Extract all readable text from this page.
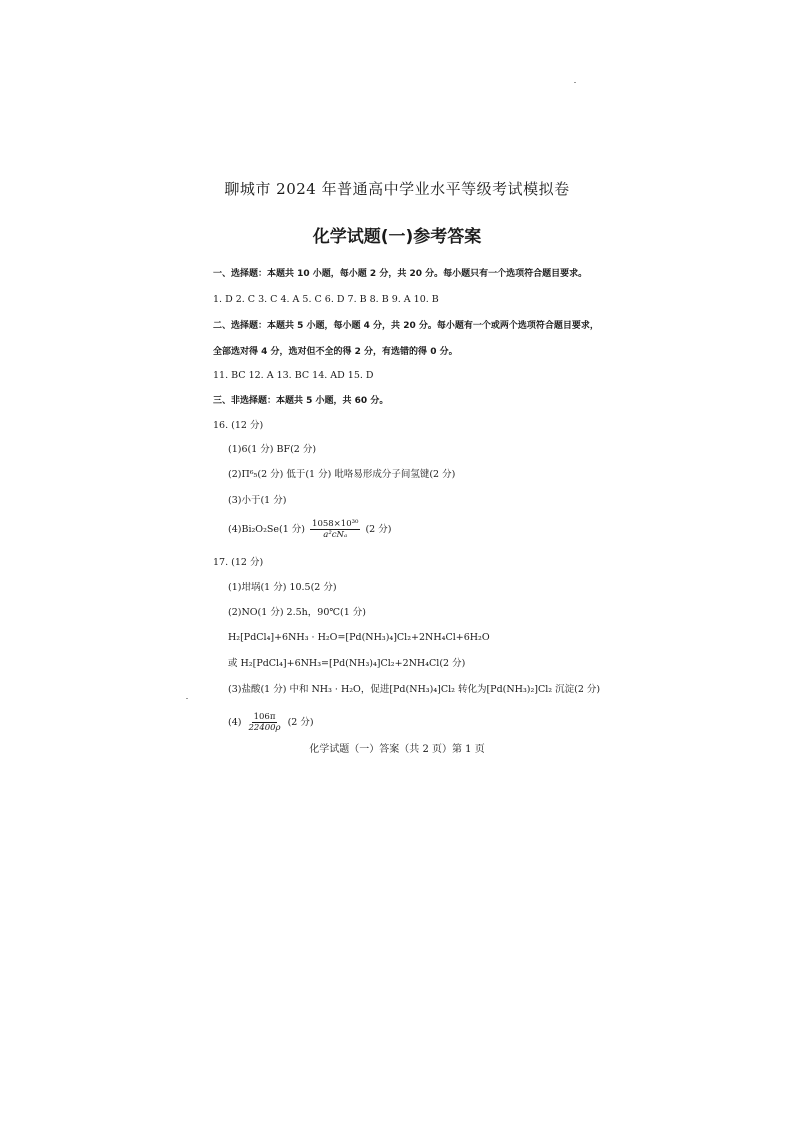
聊城市 2024 年普通高中学业水平等级考试模拟卷
化学试题(一)参考答案
一、选择题：本题共 10 小题，每小题 2 分，共 20 分。每小题只有一个选项符合题目要求。
1. D 2. C 3. C 4. A 5. C 6. D 7. B 8. B 9. A 10. B
二、选择题：本题共 5 小题，每小题 4 分，共 20 分。每小题有一个或两个选项符合题目要求，
全部选对得 4 分，选对但不全的得 2 分，有选错的得 0 分。
11. BC 12. A 13. BC 14. AD 15. D
三、非选择题：本题共 5 小题，共 60 分。
16. (12 分)
(1)6(1 分) BF(2 分)
(2)Π⁶₅(2 分) 低于(1 分) 吡咯易形成分子间氢键(2 分)
(3)小于(1 分)
(4)Bi₂O₂Se(1 分) $\frac{\text{1058×10³⁰}}{\text{a²cNₐ}} (2$ 分)
17. (12 分)
(1)坩埚(1 分) 10.5(2 分)
(2)NO(1 分) 2.5h，90℃(1 分)
H₂[PdCl₄]+6NH₃ · H₂O=[Pd(NH₃)₄]Cl₂+2NH₄Cl+6H₂O
或 H₂[PdCl₄]+6NH₃=[Pd(NH₃)₄]Cl₂+2NH₄Cl(2 分)
(3)盐酸(1 分) 中和 NH₃ · H₂O，促进[Pd(NH₃)₄]Cl₂ 转化为[Pd(NH₃)₂]Cl₂ 沉淀(2 分)
$(4) \frac{106\pi}{22400\rho} (2$ 分)
化学试题（一）答案（共 2 页）第 1 页
